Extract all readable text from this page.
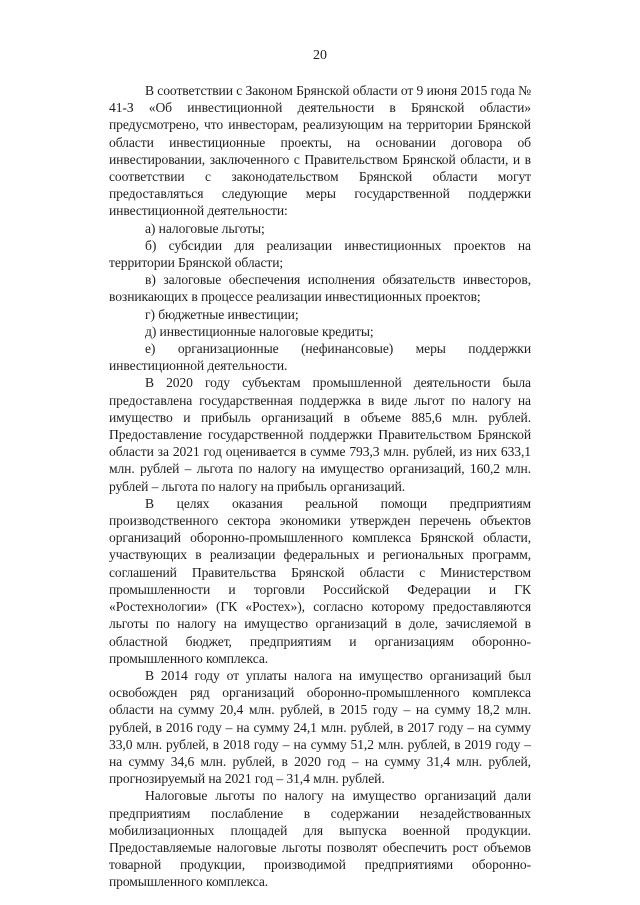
20

В соответствии с Законом Брянской области от 9 июня 2015 года № 41-З «Об инвестиционной деятельности в Брянской области» предусмотрено, что инвесторам, реализующим на территории Брянской области инвестиционные проекты, на основании договора об инвестировании, заключенного с Правительством Брянской области, и в соответствии с законодательством Брянской области могут предоставляться следующие меры государственной поддержки инвестиционной деятельности:

а) налоговые льготы;

б) субсидии для реализации инвестиционных проектов на территории Брянской области;

в) залоговые обеспечения исполнения обязательств инвесторов, возникающих в процессе реализации инвестиционных проектов;

г) бюджетные инвестиции;

д) инвестиционные налоговые кредиты;

е) организационные (нефинансовые) меры поддержки инвестиционной деятельности.

В 2020 году субъектам промышленной деятельности была предоставлена государственная поддержка в виде льгот по налогу на имущество и прибыль организаций в объеме 885,6 млн. рублей. Предоставление государственной поддержки Правительством Брянской области за 2021 год оценивается в сумме 793,3 млн. рублей, из них 633,1 млн. рублей – льгота по налогу на имущество организаций, 160,2 млн. рублей – льгота по налогу на прибыль организаций.

В целях оказания реальной помощи предприятиям производственного сектора экономики утвержден перечень объектов организаций оборонно-промышленного комплекса Брянской области, участвующих в реализации федеральных и региональных программ, соглашений Правительства Брянской области с Министерством промышленности и торговли Российской Федерации и ГК «Ростехнологии» (ГК «Ростех»), согласно которому предоставляются льготы по налогу на имущество организаций в доле, зачисляемой в областной бюджет, предприятиям и организациям оборонно-промышленного комплекса.

В 2014 году от уплаты налога на имущество организаций был освобожден ряд организаций оборонно-промышленного комплекса области на сумму 20,4 млн. рублей, в 2015 году – на сумму 18,2 млн. рублей, в 2016 году – на сумму 24,1 млн. рублей, в 2017 году – на сумму 33,0 млн. рублей, в 2018 году – на сумму 51,2 млн. рублей, в 2019 году – на сумму 34,6 млн. рублей, в 2020 год – на сумму 31,4 млн. рублей, прогнозируемый на 2021 год – 31,4 млн. рублей.

Налоговые льготы по налогу на имущество организаций дали предприятиям послабление в содержании незадействованных мобилизационных площадей для выпуска военной продукции. Предоставляемые налоговые льготы позволят обеспечить рост объемов товарной продукции, производимой предприятиями оборонно-промышленного комплекса.
